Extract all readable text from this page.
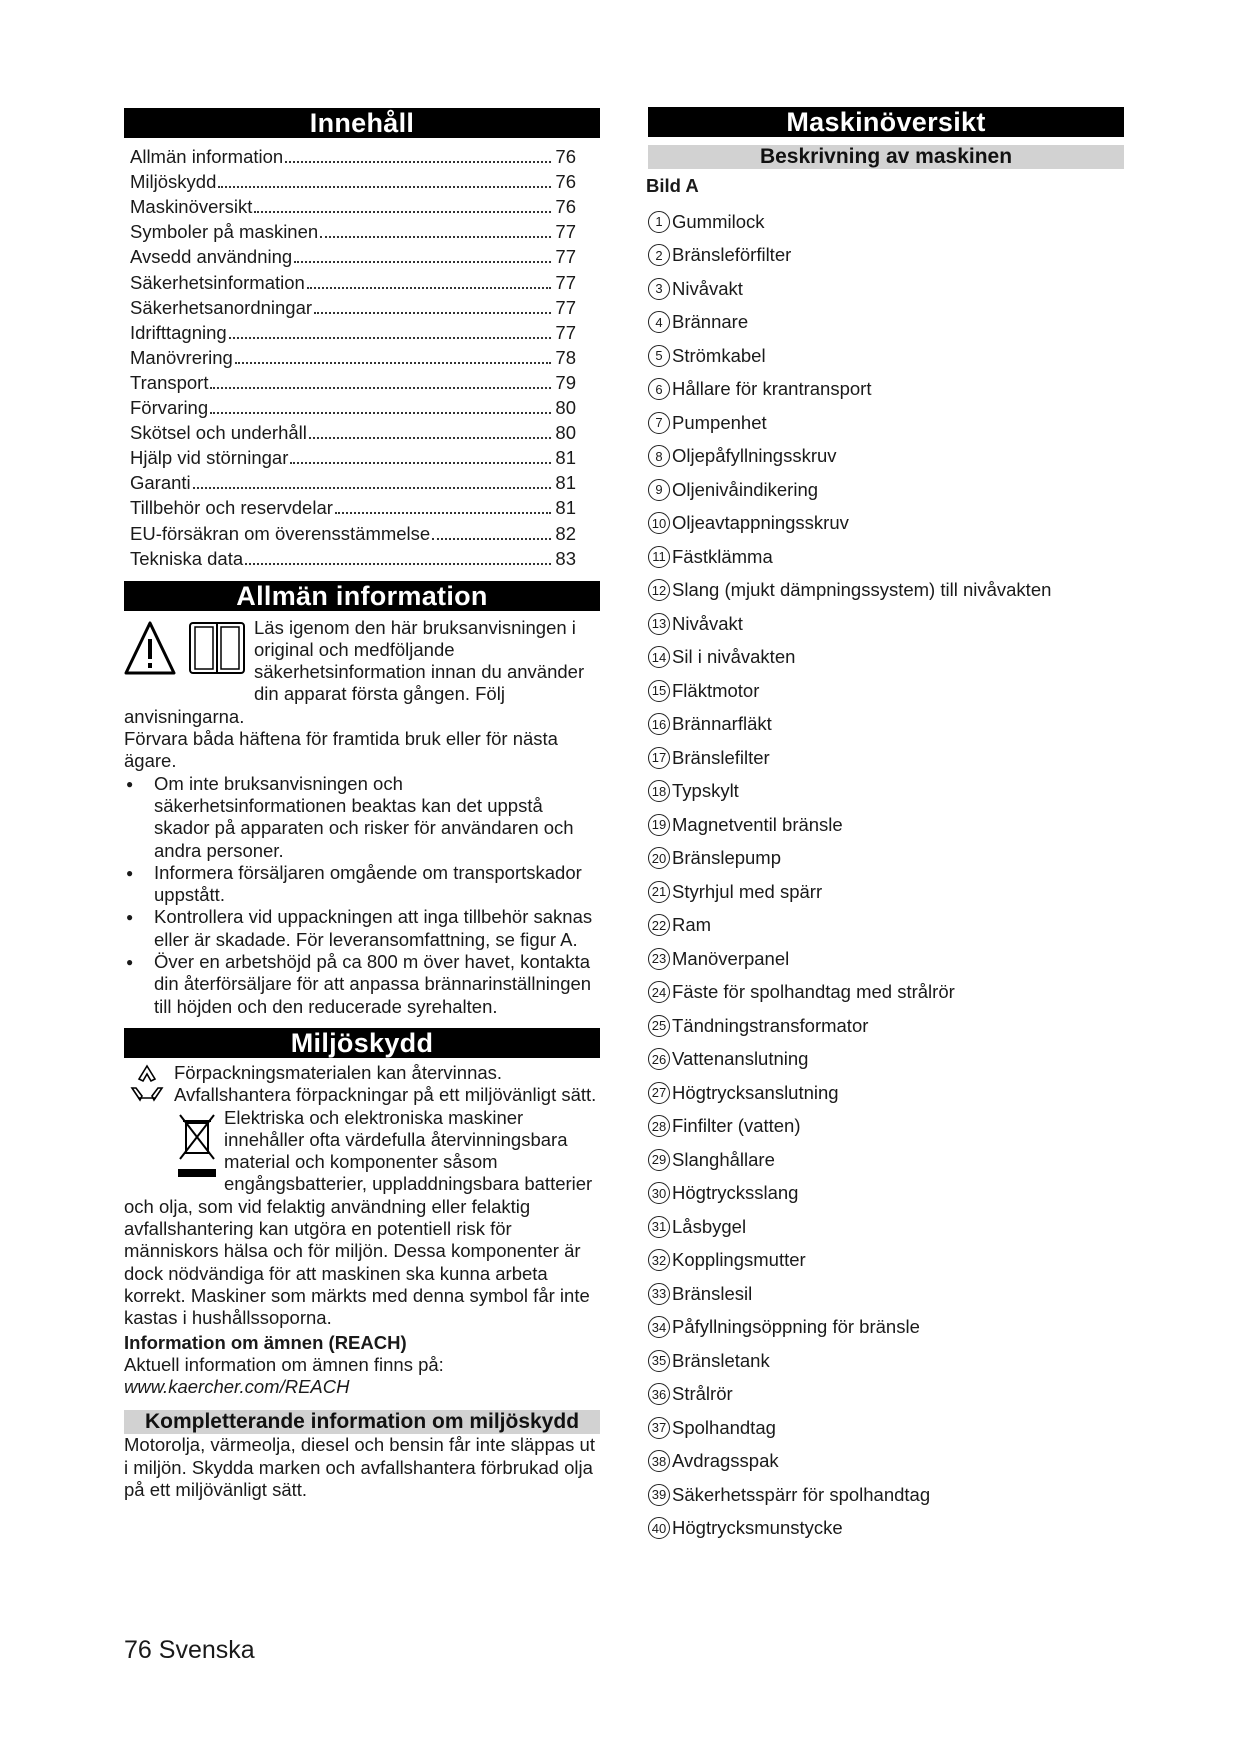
Innehåll
Allmän information	76
Miljöskydd	76
Maskinöversikt	76
Symboler på maskinen	77
Avsedd användning	77
Säkerhetsinformation	77
Säkerhetsanordningar	77
Idrifttagning	77
Manövrering	78
Transport	79
Förvaring	80
Skötsel och underhåll	80
Hjälp vid störningar	81
Garanti	81
Tillbehör och reservdelar	81
EU-försäkran om överensstämmelse	82
Tekniska data	83
Allmän information

Läs igenom den här bruksanvisningen i original och medföljande säkerhetsinformation innan du använder din apparat första gången. Följ anvisningarna.

Förvara båda häftena för framtida bruk eller för nästa ägare.

● Om inte bruksanvisningen och säkerhetsinformationen beaktas kan det uppstå skador på apparaten och risker för användaren och andra personer.
● Informera försäljaren omgående om transportskador uppstått.
● Kontrollera vid uppackningen att inga tillbehör saknas eller är skadade. För leveransomfattning, se figur A.
● Över en arbetshöjd på ca 800 m över havet, kontakta din återförsäljare för att anpassa brännarinställningen till höjden och den reducerade syrehalten.
Miljöskydd

Förpackningsmaterialen kan återvinnas. Avfallshantera förpackningar på ett miljövänligt sätt.

Elektriska och elektroniska maskiner innehåller ofta värdefulla återvinningsbara material och komponenter såsom engångsbatterier, uppladdningsbara batterier och olja, som vid felaktig användning eller felaktig avfallshantering kan utgöra en potentiell risk för människors hälsa och för miljön. Dessa komponenter är dock nödvändiga för att maskinen ska kunna arbeta korrekt. Maskiner som märkts med denna symbol får inte kastas i hushållssoporna.

Information om ämnen (REACH)

Aktuell information om ämnen finns på: www.kaercher.com/REACH

Kompletterande information om miljöskydd

Motorolja, värmeolja, diesel och bensin får inte släppas ut i miljön. Skydda marken och avfallshantera förbrukad olja på ett miljövänligt sätt.

Maskinöversikt
Beskrivning av maskinen
Bild A
1 Gummilock
2 Bränsleförfilter
3 Nivåvakt
4 Brännare
5 Strömkabel
6 Hållare för krantransport
7 Pumpenhet
8 Oljepåfyllningsskruv
9 Oljenivåindikering
10 Oljeavtappningsskruv
11 Fästklämma
12 Slang (mjukt dämpningssystem) till nivåvakten
13 Nivåvakt
14 Sil i nivåvakten
15 Fläktmotor
16 Brännarfläkt
17 Bränslefilter
18 Typskylt
19 Magnetventil bränsle
20 Bränslepump
21 Styrhjul med spärr
22 Ram
23 Manöverpanel
24 Fäste för spolhandtag med strålrör
25 Tändningstransformator
26 Vattenanslutning
27 Högtrycksanslutning
28 Finfilter (vatten)
29 Slanghållare
30 Högtrycksslang
31 Låsbygel
32 Kopplingsmutter
33 Bränslesil
34 Påfyllningsöppning för bränsle
35 Bränsletank
36 Strålrör
37 Spolhandtag
38 Avdragsspak
39 Säkerhetsspärr för spolhandtag
40 Högtrycksmunstycke
76 Svenska
